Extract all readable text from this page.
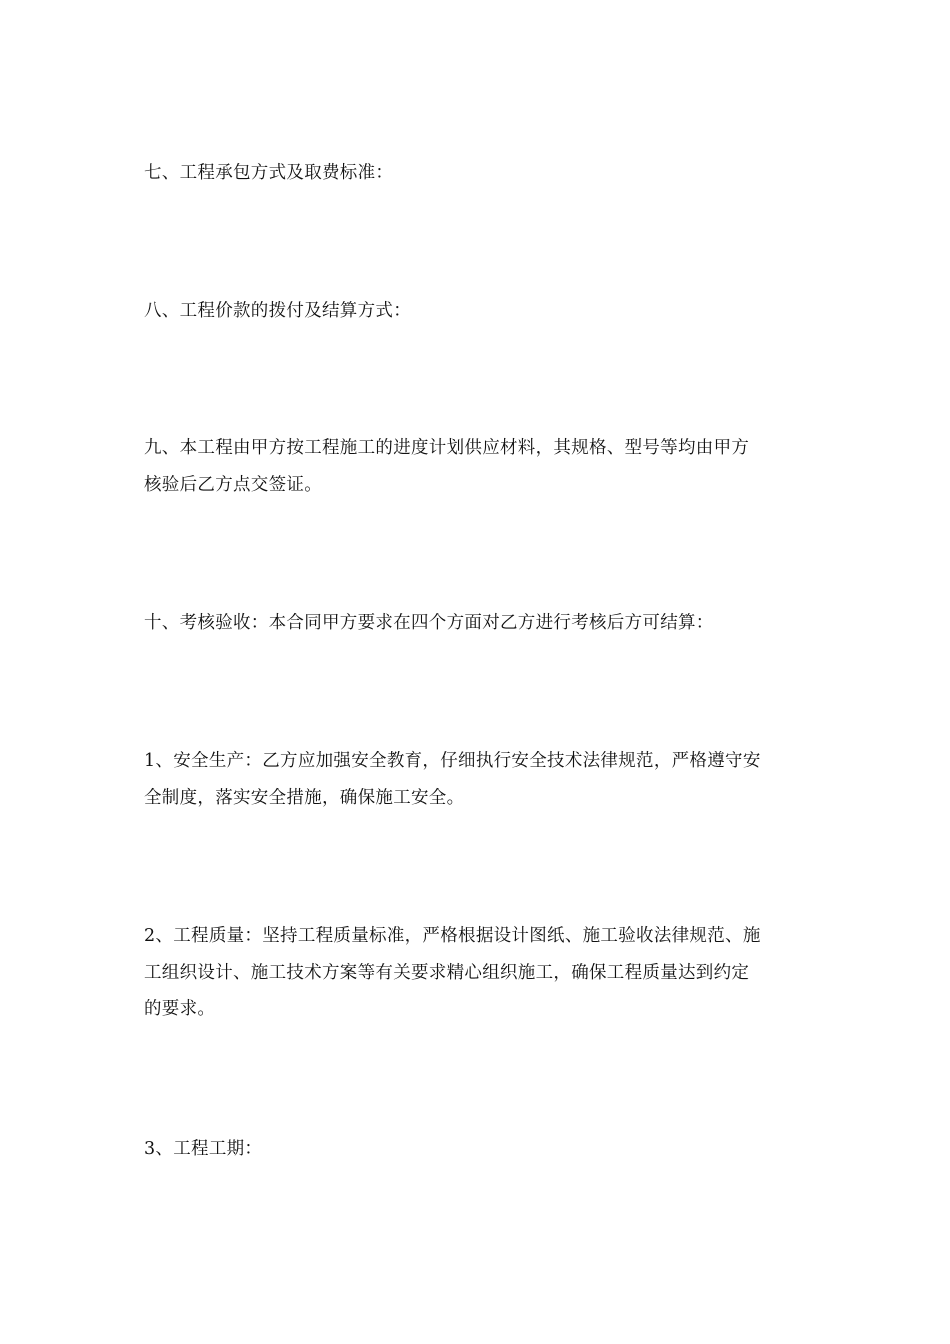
七、工程承包方式及取费标准：

八、工程价款的拨付及结算方式：

九、本工程由甲方按工程施工的进度计划供应材料，其规格、型号等均由甲方
核验后乙方点交签证。

十、考核验收：本合同甲方要求在四个方面对乙方进行考核后方可结算：

1、安全生产：乙方应加强安全教育，仔细执行安全技术法律规范，严格遵守安
全制度，落实安全措施，确保施工安全。

2、工程质量：坚持工程质量标准，严格根据设计图纸、施工验收法律规范、施
工组织设计、施工技术方案等有关要求精心组织施工，确保工程质量达到约定
的要求。

3、工程工期：
